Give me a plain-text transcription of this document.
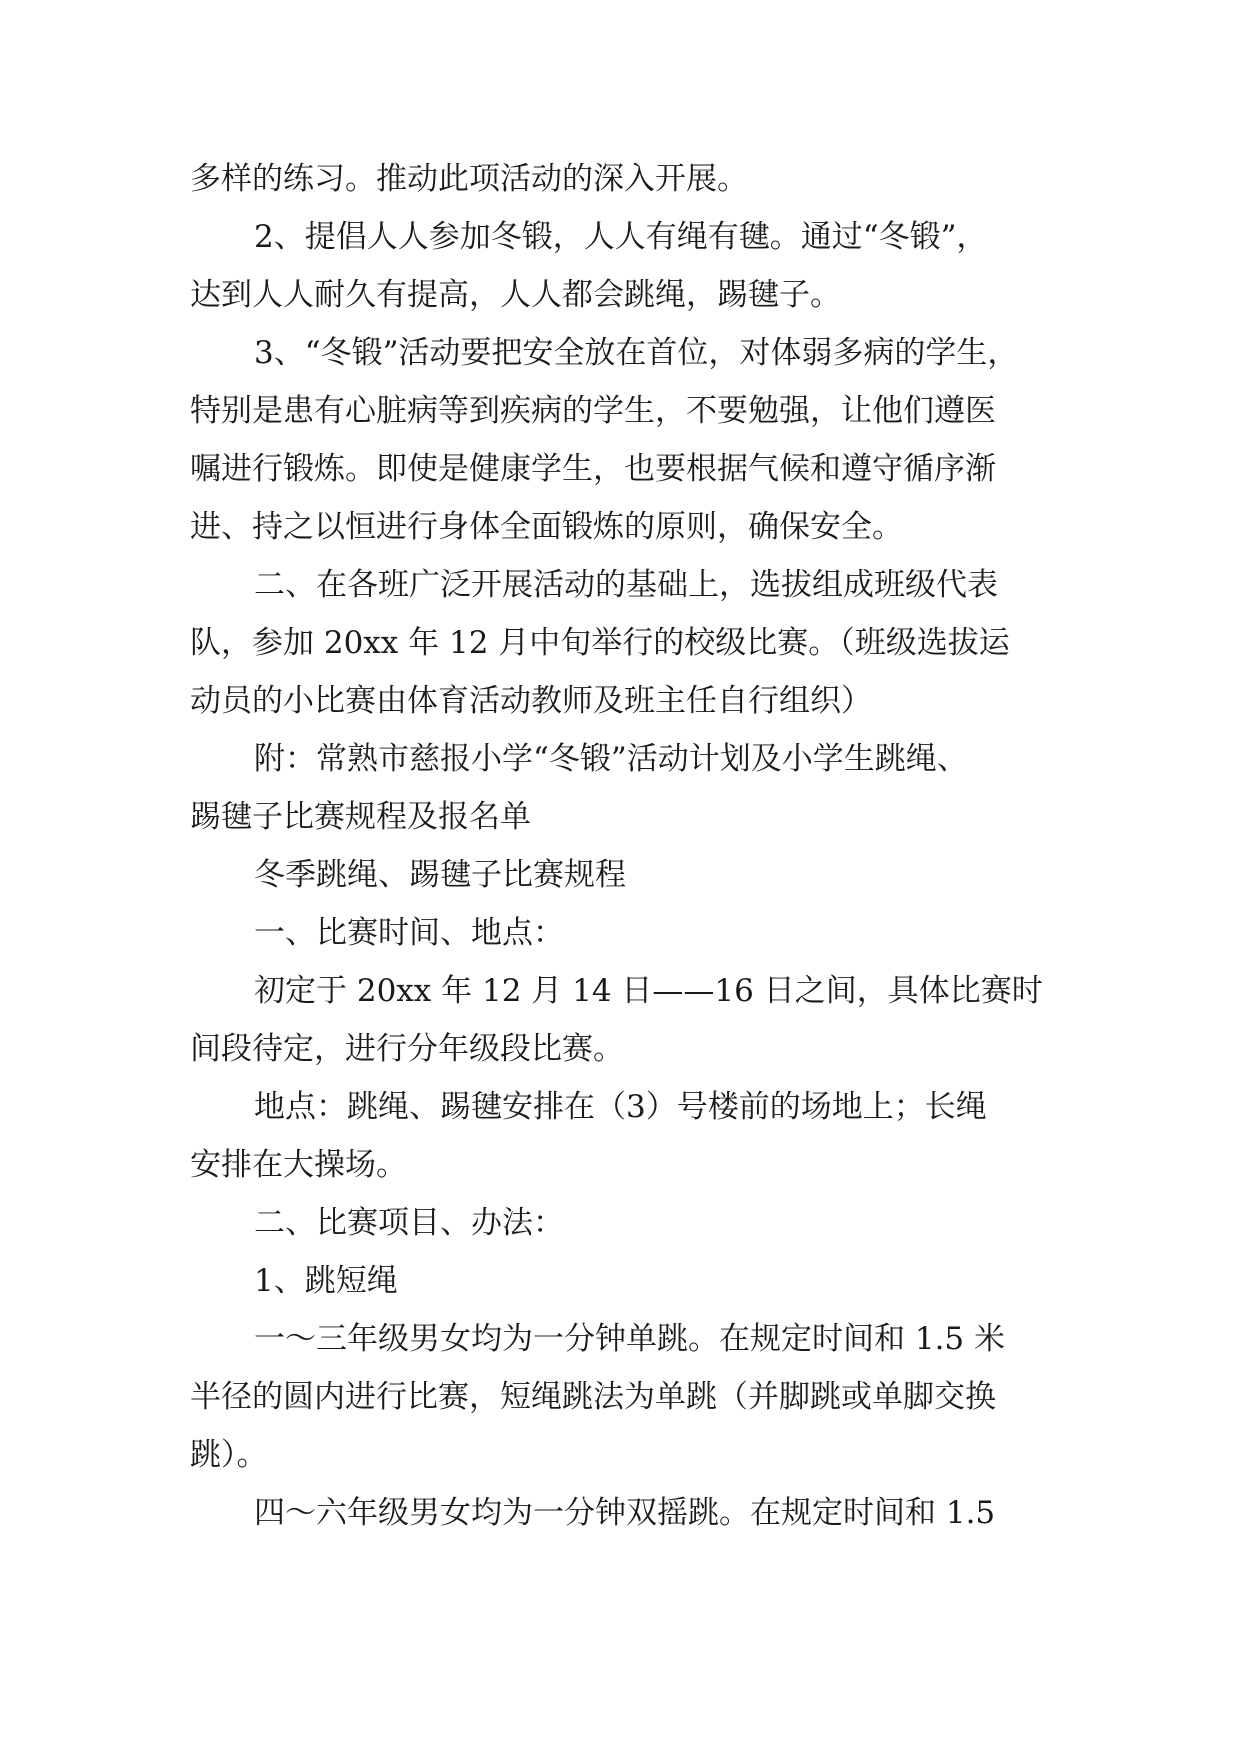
多样的练习。推动此项活动的深入开展。
2、提倡人人参加冬锻，人人有绳有毽。通过“冬锻”，
达到人人耐久有提高，人人都会跳绳，踢毽子。
3、“冬锻”活动要把安全放在首位，对体弱多病的学生，
特别是患有心脏病等到疾病的学生，不要勉强，让他们遵医
嘱进行锻炼。即使是健康学生，也要根据气候和遵守循序渐
进、持之以恒进行身体全面锻炼的原则，确保安全。
二、在各班广泛开展活动的基础上，选拔组成班级代表
队，参加 20xx 年 12 月中旬举行的校级比赛。（班级选拔运
动员的小比赛由体育活动教师及班主任自行组织）
附：常熟市慈报小学“冬锻”活动计划及小学生跳绳、
踢毽子比赛规程及报名单
冬季跳绳、踢毽子比赛规程
一、比赛时间、地点：
初定于 20xx 年 12 月 14 日——16 日之间，具体比赛时
间段待定，进行分年级段比赛。
地点：跳绳、踢毽安排在（3）号楼前的场地上；长绳
安排在大操场。
二、比赛项目、办法：
1、跳短绳
一～三年级男女均为一分钟单跳。在规定时间和 1.5 米
半径的圆内进行比赛，短绳跳法为单跳（并脚跳或单脚交换
跳）。
四～六年级男女均为一分钟双摇跳。在规定时间和 1.5
